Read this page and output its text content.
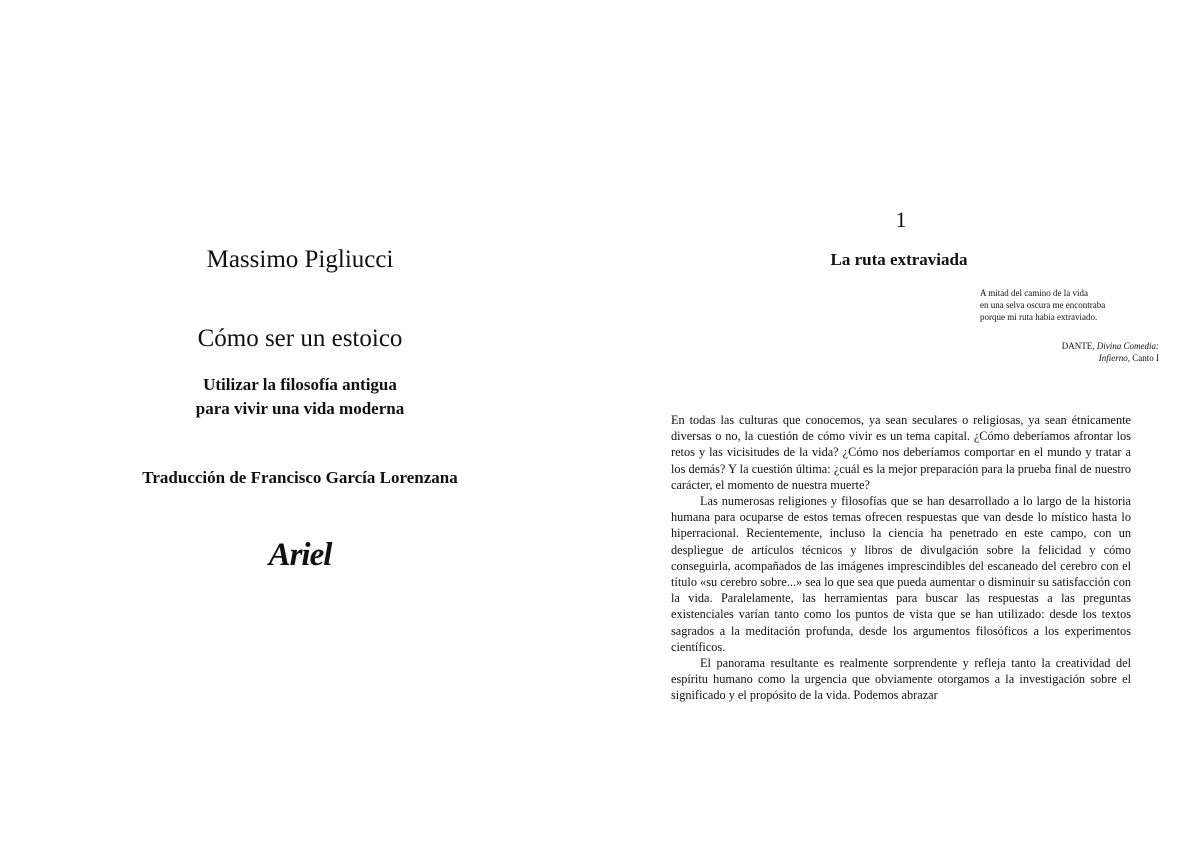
Massimo Pigliucci
Cómo ser un estoico
Utilizar la filosofía antigua
para vivir una vida moderna
Traducción de Francisco García Lorenzana
Ariel
1
La ruta extraviada
A mitad del camino de la vida
en una selva oscura me encontraba
porque mi ruta había extraviado.
DANTE, Divina Comedia:
Infierno, Canto I

En todas las culturas que conocemos, ya sean seculares o religiosas, ya sean étnicamente diversas o no, la cuestión de cómo vivir es un tema capital. ¿Cómo deberíamos afrontar los retos y las vicisitudes de la vida? ¿Cómo nos deberíamos comportar en el mundo y tratar a los demás? Y la cuestión última: ¿cuál es la mejor preparación para la prueba final de nuestro carácter, el momento de nuestra muerte?

Las numerosas religiones y filosofías que se han desarrollado a lo largo de la historia humana para ocuparse de estos temas ofrecen respuestas que van desde lo místico hasta lo hiperracional. Recientemente, incluso la ciencia ha penetrado en este campo, con un despliegue de artículos técnicos y libros de divulgación sobre la felicidad y cómo conseguirla, acompañados de las imágenes imprescindibles del escaneado del cerebro con el título «su cerebro sobre...» sea lo que sea que pueda aumentar o disminuir su satisfacción con la vida. Paralelamente, las herramientas para buscar las respuestas a las preguntas existenciales varían tanto como los puntos de vista que se han utilizado: desde los textos sagrados a la meditación profunda, desde los argumentos filosóficos a los experimentos científicos.

El panorama resultante es realmente sorprendente y refleja tanto la creatividad del espíritu humano como la urgencia que obviamente otorgamos a la investigación sobre el significado y el propósito de la vida. Podemos abrazar
